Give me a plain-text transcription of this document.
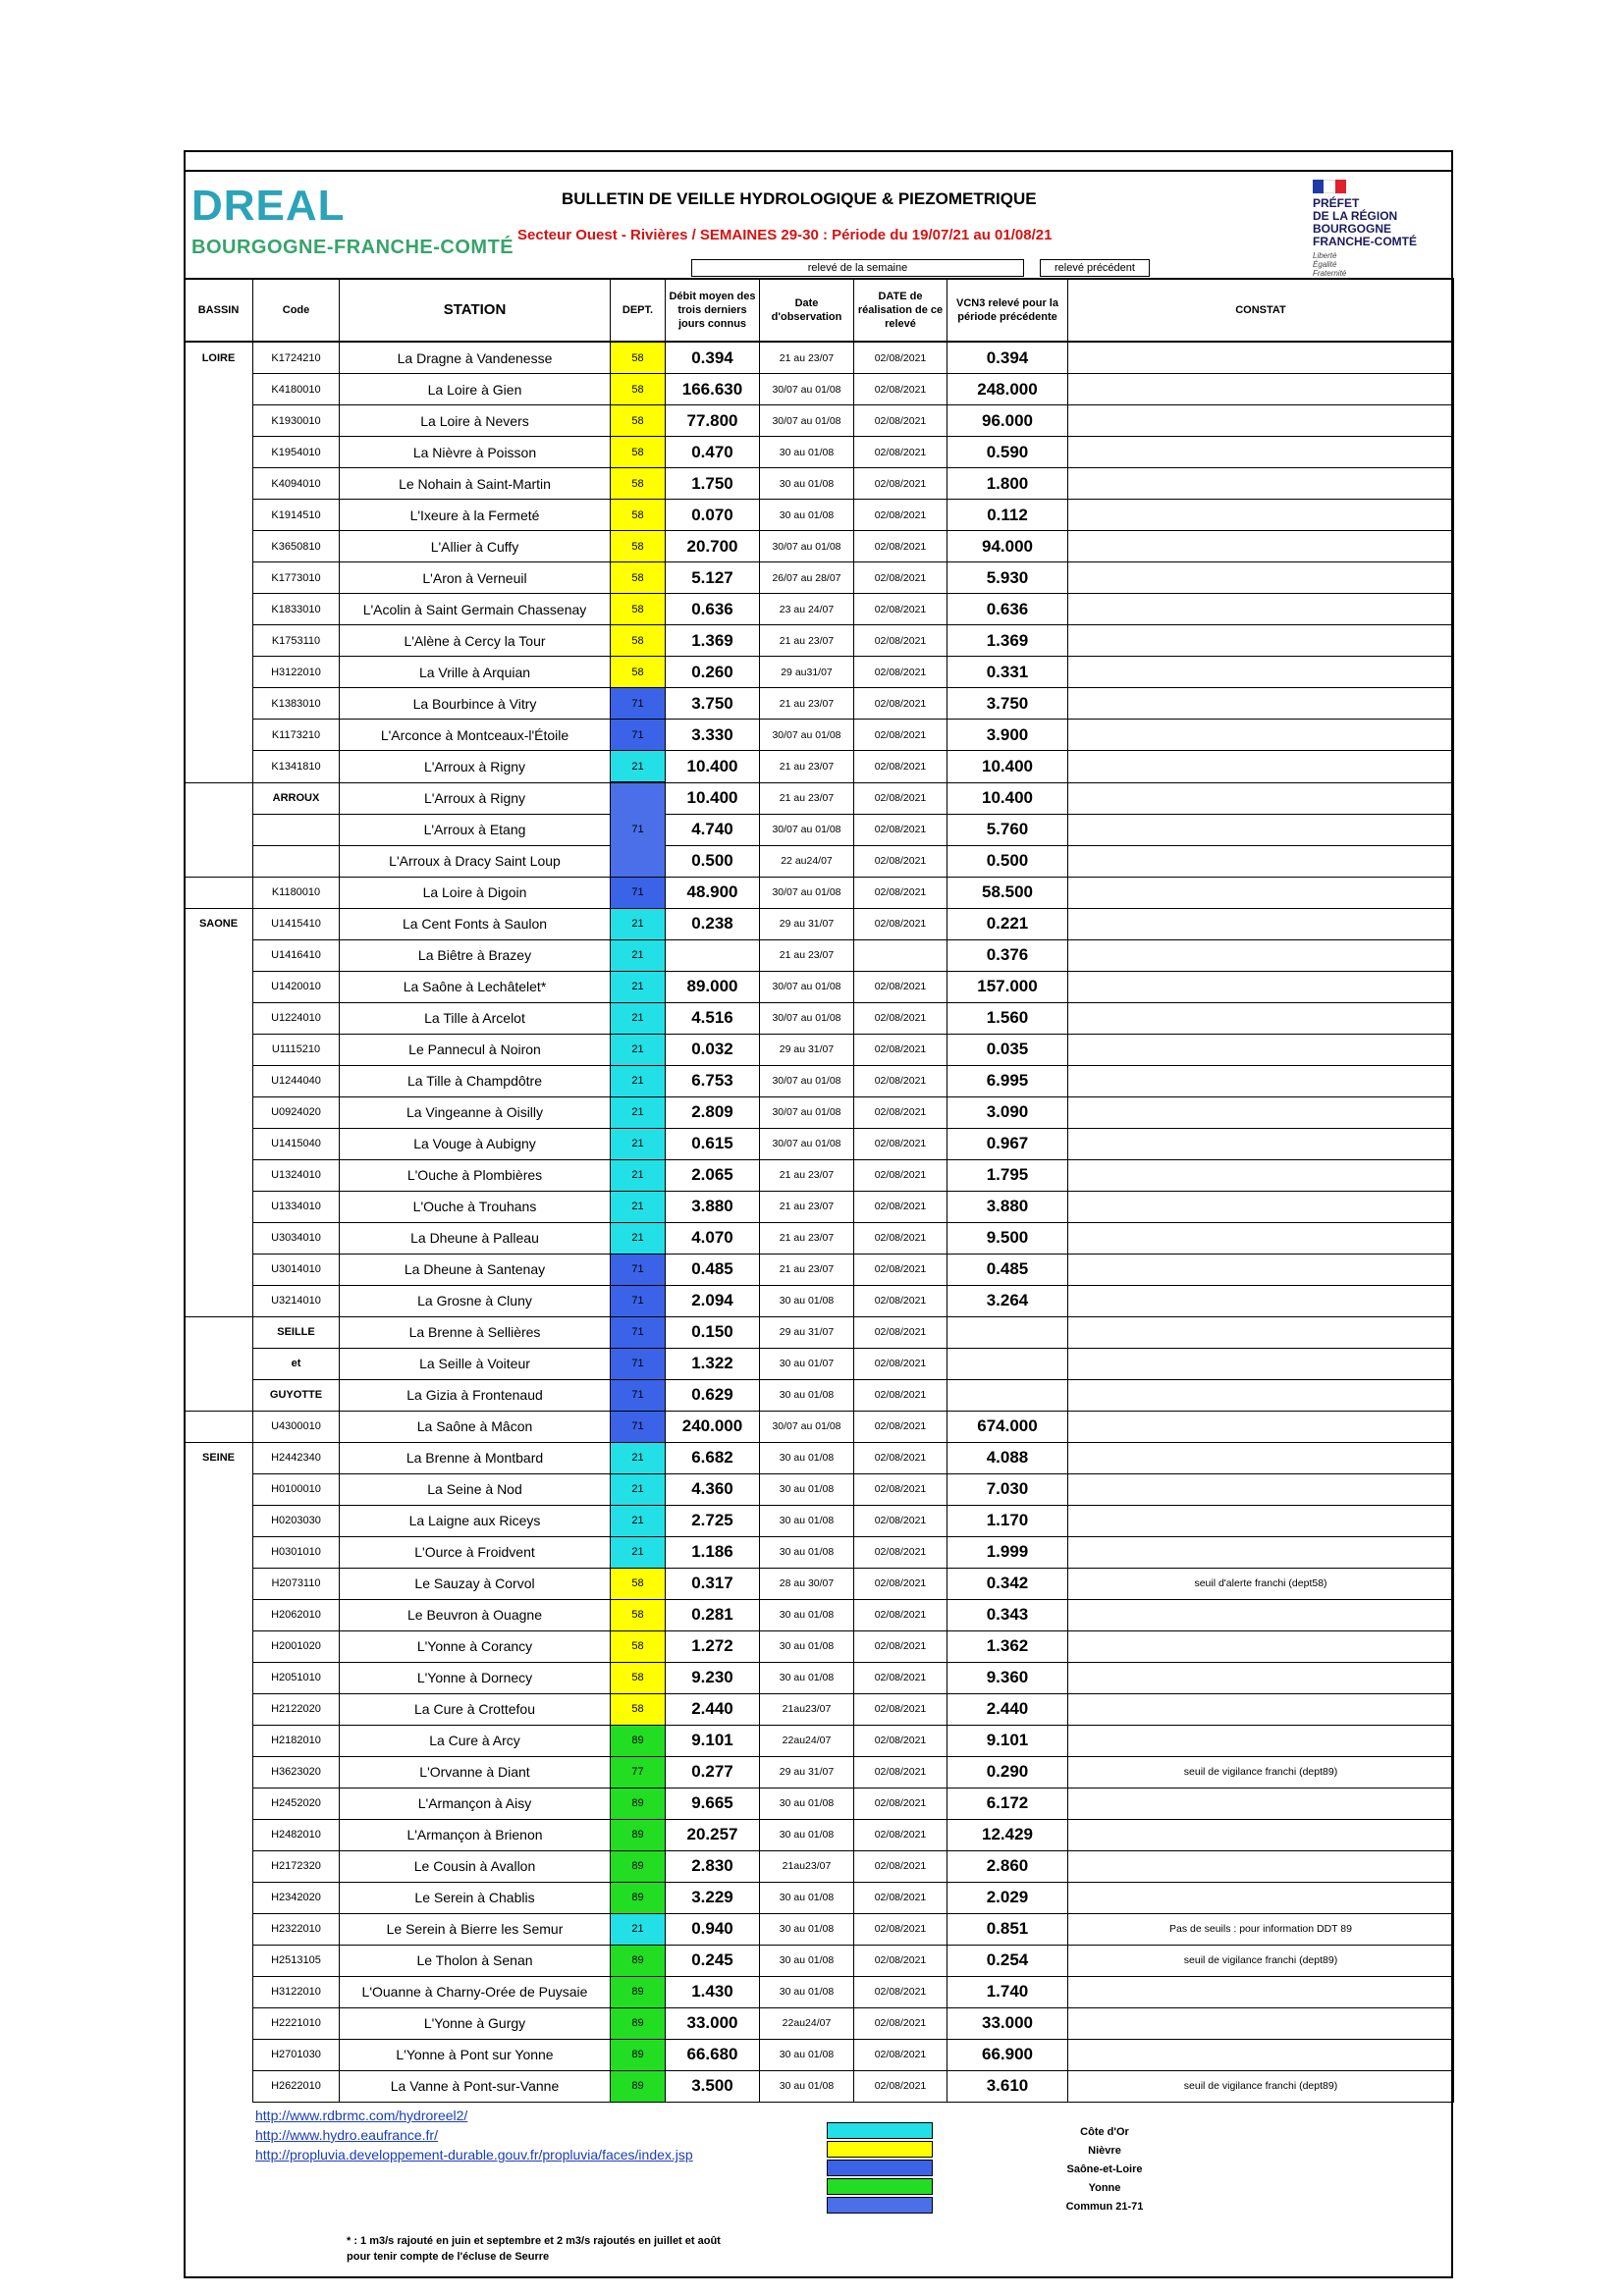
DREAL
BOURGOGNE-FRANCHE-COMTÉ
BULLETIN DE VEILLE HYDROLOGIQUE & PIEZOMETRIQUE
Secteur Ouest - Rivières / SEMAINES 29-30 : Période du 19/07/21 au 01/08/21
PRÉFET
DE LA RÉGION
BOURGOGNE
FRANCHE-COMTÉ
Liberté
Égalité
Fraternité
relevé de la semaine	relevé précédent
BASSIN	Code	STATION	DEPT.	Débit moyen des trois derniers jours connus	Date d'observation	DATE de réalisation de ce relevé	VCN3 relevé pour la période précédente	CONSTAT
LOIRE	K1724210	La Dragne à Vandenesse	58	0.394	21 au 23/07	02/08/2021	0.394	
	K4180010	La Loire à Gien	58	166.630	30/07 au 01/08	02/08/2021	248.000	
	K1930010	La Loire à Nevers	58	77.800	30/07 au 01/08	02/08/2021	96.000	
	K1954010	La Nièvre à Poisson	58	0.470	30 au 01/08	02/08/2021	0.590	
	K4094010	Le Nohain à Saint-Martin	58	1.750	30 au 01/08	02/08/2021	1.800	
	K1914510	L'Ixeure à la Fermeté	58	0.070	30 au 01/08	02/08/2021	0.112	
	K3650810	L'Allier à Cuffy	58	20.700	30/07 au 01/08	02/08/2021	94.000	
	K1773010	L'Aron à Verneuil	58	5.127	26/07 au 28/07	02/08/2021	5.930	
	K1833010	L'Acolin à Saint Germain Chassenay	58	0.636	23 au 24/07	02/08/2021	0.636	
	K1753110	L'Alène à Cercy la Tour	58	1.369	21 au 23/07	02/08/2021	1.369	
	H3122010	La Vrille à Arquian	58	0.260	29 au31/07	02/08/2021	0.331	
	K1383010	La Bourbince à Vitry	71	3.750	21 au 23/07	02/08/2021	3.750	
	K1173210	L'Arconce à Montceaux-l'Étoile	71	3.330	30/07 au 01/08	02/08/2021	3.900	
	K1341810	L'Arroux à Rigny	21	10.400	21 au 23/07	02/08/2021	10.400	
	ARROUX	L'Arroux à Rigny		10.400	21 au 23/07	02/08/2021	10.400	
		L'Arroux à Etang	71	4.740	30/07 au 01/08	02/08/2021	5.760	
		L'Arroux à Dracy Saint Loup		0.500	22 au24/07	02/08/2021	0.500	
	K1180010	La Loire à Digoin	71	48.900	30/07 au 01/08	02/08/2021	58.500	
SAONE	U1415410	La Cent Fonts à Saulon	21	0.238	29 au 31/07	02/08/2021	0.221	
	U1416410	La Biêtre à Brazey	21		21 au 23/07		0.376	
	U1420010	La Saône à Lechâtelet*	21	89.000	30/07 au 01/08	02/08/2021	157.000	
	U1224010	La Tille à Arcelot	21	4.516	30/07 au 01/08	02/08/2021	1.560	
	U1115210	Le Pannecul à Noiron	21	0.032	29 au 31/07	02/08/2021	0.035	
	U1244040	La Tille à Champdôtre	21	6.753	30/07 au 01/08	02/08/2021	6.995	
	U0924020	La Vingeanne à Oisilly	21	2.809	30/07 au 01/08	02/08/2021	3.090	
	U1415040	La Vouge à Aubigny	21	0.615	30/07 au 01/08	02/08/2021	0.967	
	U1324010	L'Ouche à Plombières	21	2.065	21 au 23/07	02/08/2021	1.795	
	U1334010	L'Ouche à Trouhans	21	3.880	21 au 23/07	02/08/2021	3.880	
	U3034010	La Dheune à Palleau	21	4.070	21 au 23/07	02/08/2021	9.500	
	U3014010	La Dheune à Santenay	71	0.485	21 au 23/07	02/08/2021	0.485	
	U3214010	La Grosne à Cluny	71	2.094	30 au 01/08	02/08/2021	3.264	
	SEILLE	La Brenne à Sellières	71	0.150	29 au 31/07	02/08/2021		
	et	La Seille à Voiteur	71	1.322	30 au 01/07	02/08/2021		
	GUYOTTE	La Gizia à Frontenaud	71	0.629	30 au 01/08	02/08/2021		
	U4300010	La Saône à Mâcon	71	240.000	30/07 au 01/08	02/08/2021	674.000	
SEINE	H2442340	La Brenne à Montbard	21	6.682	30 au 01/08	02/08/2021	4.088	
	H0100010	La Seine à Nod	21	4.360	30 au 01/08	02/08/2021	7.030	
	H0203030	La Laigne aux Riceys	21	2.725	30 au 01/08	02/08/2021	1.170	
	H0301010	L'Ource à Froidvent	21	1.186	30 au 01/08	02/08/2021	1.999	
	H2073110	Le Sauzay à Corvol	58	0.317	28 au 30/07	02/08/2021	0.342	seuil d'alerte franchi (dept58)
	H2062010	Le Beuvron à Ouagne	58	0.281	30 au 01/08	02/08/2021	0.343	
	H2001020	L'Yonne à Corancy	58	1.272	30 au 01/08	02/08/2021	1.362	
	H2051010	L'Yonne à Dornecy	58	9.230	30 au 01/08	02/08/2021	9.360	
	H2122020	La Cure à Crottefou	58	2.440	21au23/07	02/08/2021	2.440	
	H2182010	La Cure à Arcy	89	9.101	22au24/07	02/08/2021	9.101	
	H3623020	L'Orvanne à Diant	77	0.277	29 au 31/07	02/08/2021	0.290	seuil de vigilance franchi (dept89)
	H2452020	L'Armançon à Aisy	89	9.665	30 au 01/08	02/08/2021	6.172	
	H2482010	L'Armançon à Brienon	89	20.257	30 au 01/08	02/08/2021	12.429	
	H2172320	Le Cousin à Avallon	89	2.830	21au23/07	02/08/2021	2.860	
	H2342020	Le Serein à Chablis	89	3.229	30 au 01/08	02/08/2021	2.029	
	H2322010	Le Serein à Bierre les Semur	21	0.940	30 au 01/08	02/08/2021	0.851	Pas de seuils : pour information DDT 89
	H2513105	Le Tholon à Senan	89	0.245	30 au 01/08	02/08/2021	0.254	seuil de vigilance franchi (dept89)
	H3122010	L'Ouanne à Charny-Orée de Puysaie	89	1.430	30 au 01/08	02/08/2021	1.740	
	H2221010	L'Yonne à Gurgy	89	33.000	22au24/07	02/08/2021	33.000	
	H2701030	L'Yonne à Pont sur Yonne	89	66.680	30 au 01/08	02/08/2021	66.900	
	H2622010	La Vanne à Pont-sur-Vanne	89	3.500	30 au 01/08	02/08/2021	3.610	seuil de vigilance franchi (dept89)
http://www.rdbrmc.com/hydroreel2/
http://www.hydro.eaufrance.fr/
http://propluvia.developpement-durable.gouv.fr/propluvia/faces/index.jsp
Côte d'Or
Nièvre
Saône-et-Loire
Yonne
Commun 21-71
* : 1 m3/s rajouté en juin et septembre et 2 m3/s rajoutés en juillet et août
pour tenir compte de l'écluse de Seurre
